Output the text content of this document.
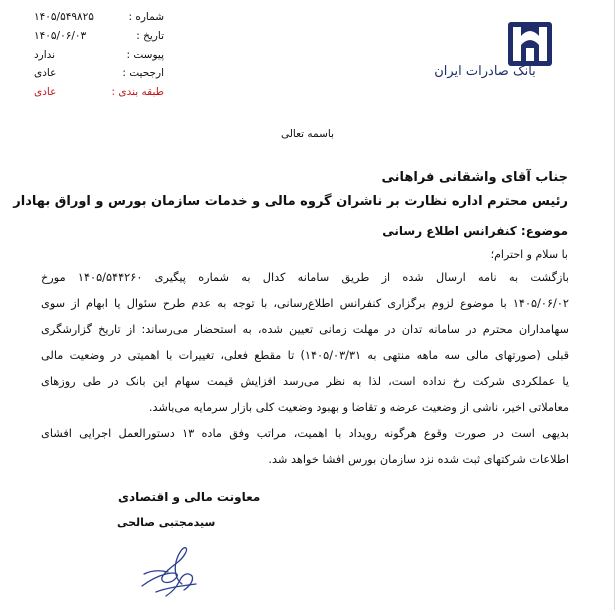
شماره :
۱۴۰۵/۵۴۹۸۲۵
تاریخ :
۱۴۰۵/۰۶/۰۳
پیوست :
ندارد
ارجحیت :
عادی
طبقه بندی :
عادی
بانک صادرات ایران
باسمه تعالی
جناب آقای واشقانی فراهانی
رئیس محترم اداره نظارت بر ناشران گروه مالی و خدمات سازمان بورس و اوراق بهادار
موضوع: کنفرانس اطلاع رسانی
با سلام و احترام؛
بازگشت به نامه ارسال شده از طریق سامانه کدال به شماره پیگیری ۱۴۰۵/۵۴۴۲۶۰ مورخ
۱۴۰۵/۰۶/۰۲ با موضوع لزوم برگزاری کنفرانس اطلاع‌رسانی، با توجه به عدم طرح سئوال یا ابهام از سوی
سهامداران محترم در سامانه تدان در مهلت زمانی تعیین شده، به استحضار می‌رساند: از تاریخ گزارشگری
قبلی (صورتهای مالی سه ماهه منتهی به ۱۴۰۵/۰۳/۳۱) تا مقطع فعلی، تغییرات با اهمیتی در وضعیت مالی
یا عملکردی شرکت رخ نداده است، لذا به نظر می‌رسد افزایش قیمت سهام این بانک در طی روزهای
معاملاتی اخیر، ناشی از وضعیت عرضه و تقاضا و بهبود وضعیت کلی بازار سرمایه می‌باشد.
بدیهی است در صورت وقوع هرگونه رویداد با اهمیت، مراتب وفق ماده ۱۳ دستورالعمل اجرایی افشای
اطلاعات شرکتهای ثبت شده نزد سازمان بورس افشا خواهد شد.
معاونت مالی و اقتصادی
سیدمجتبی صالحی
